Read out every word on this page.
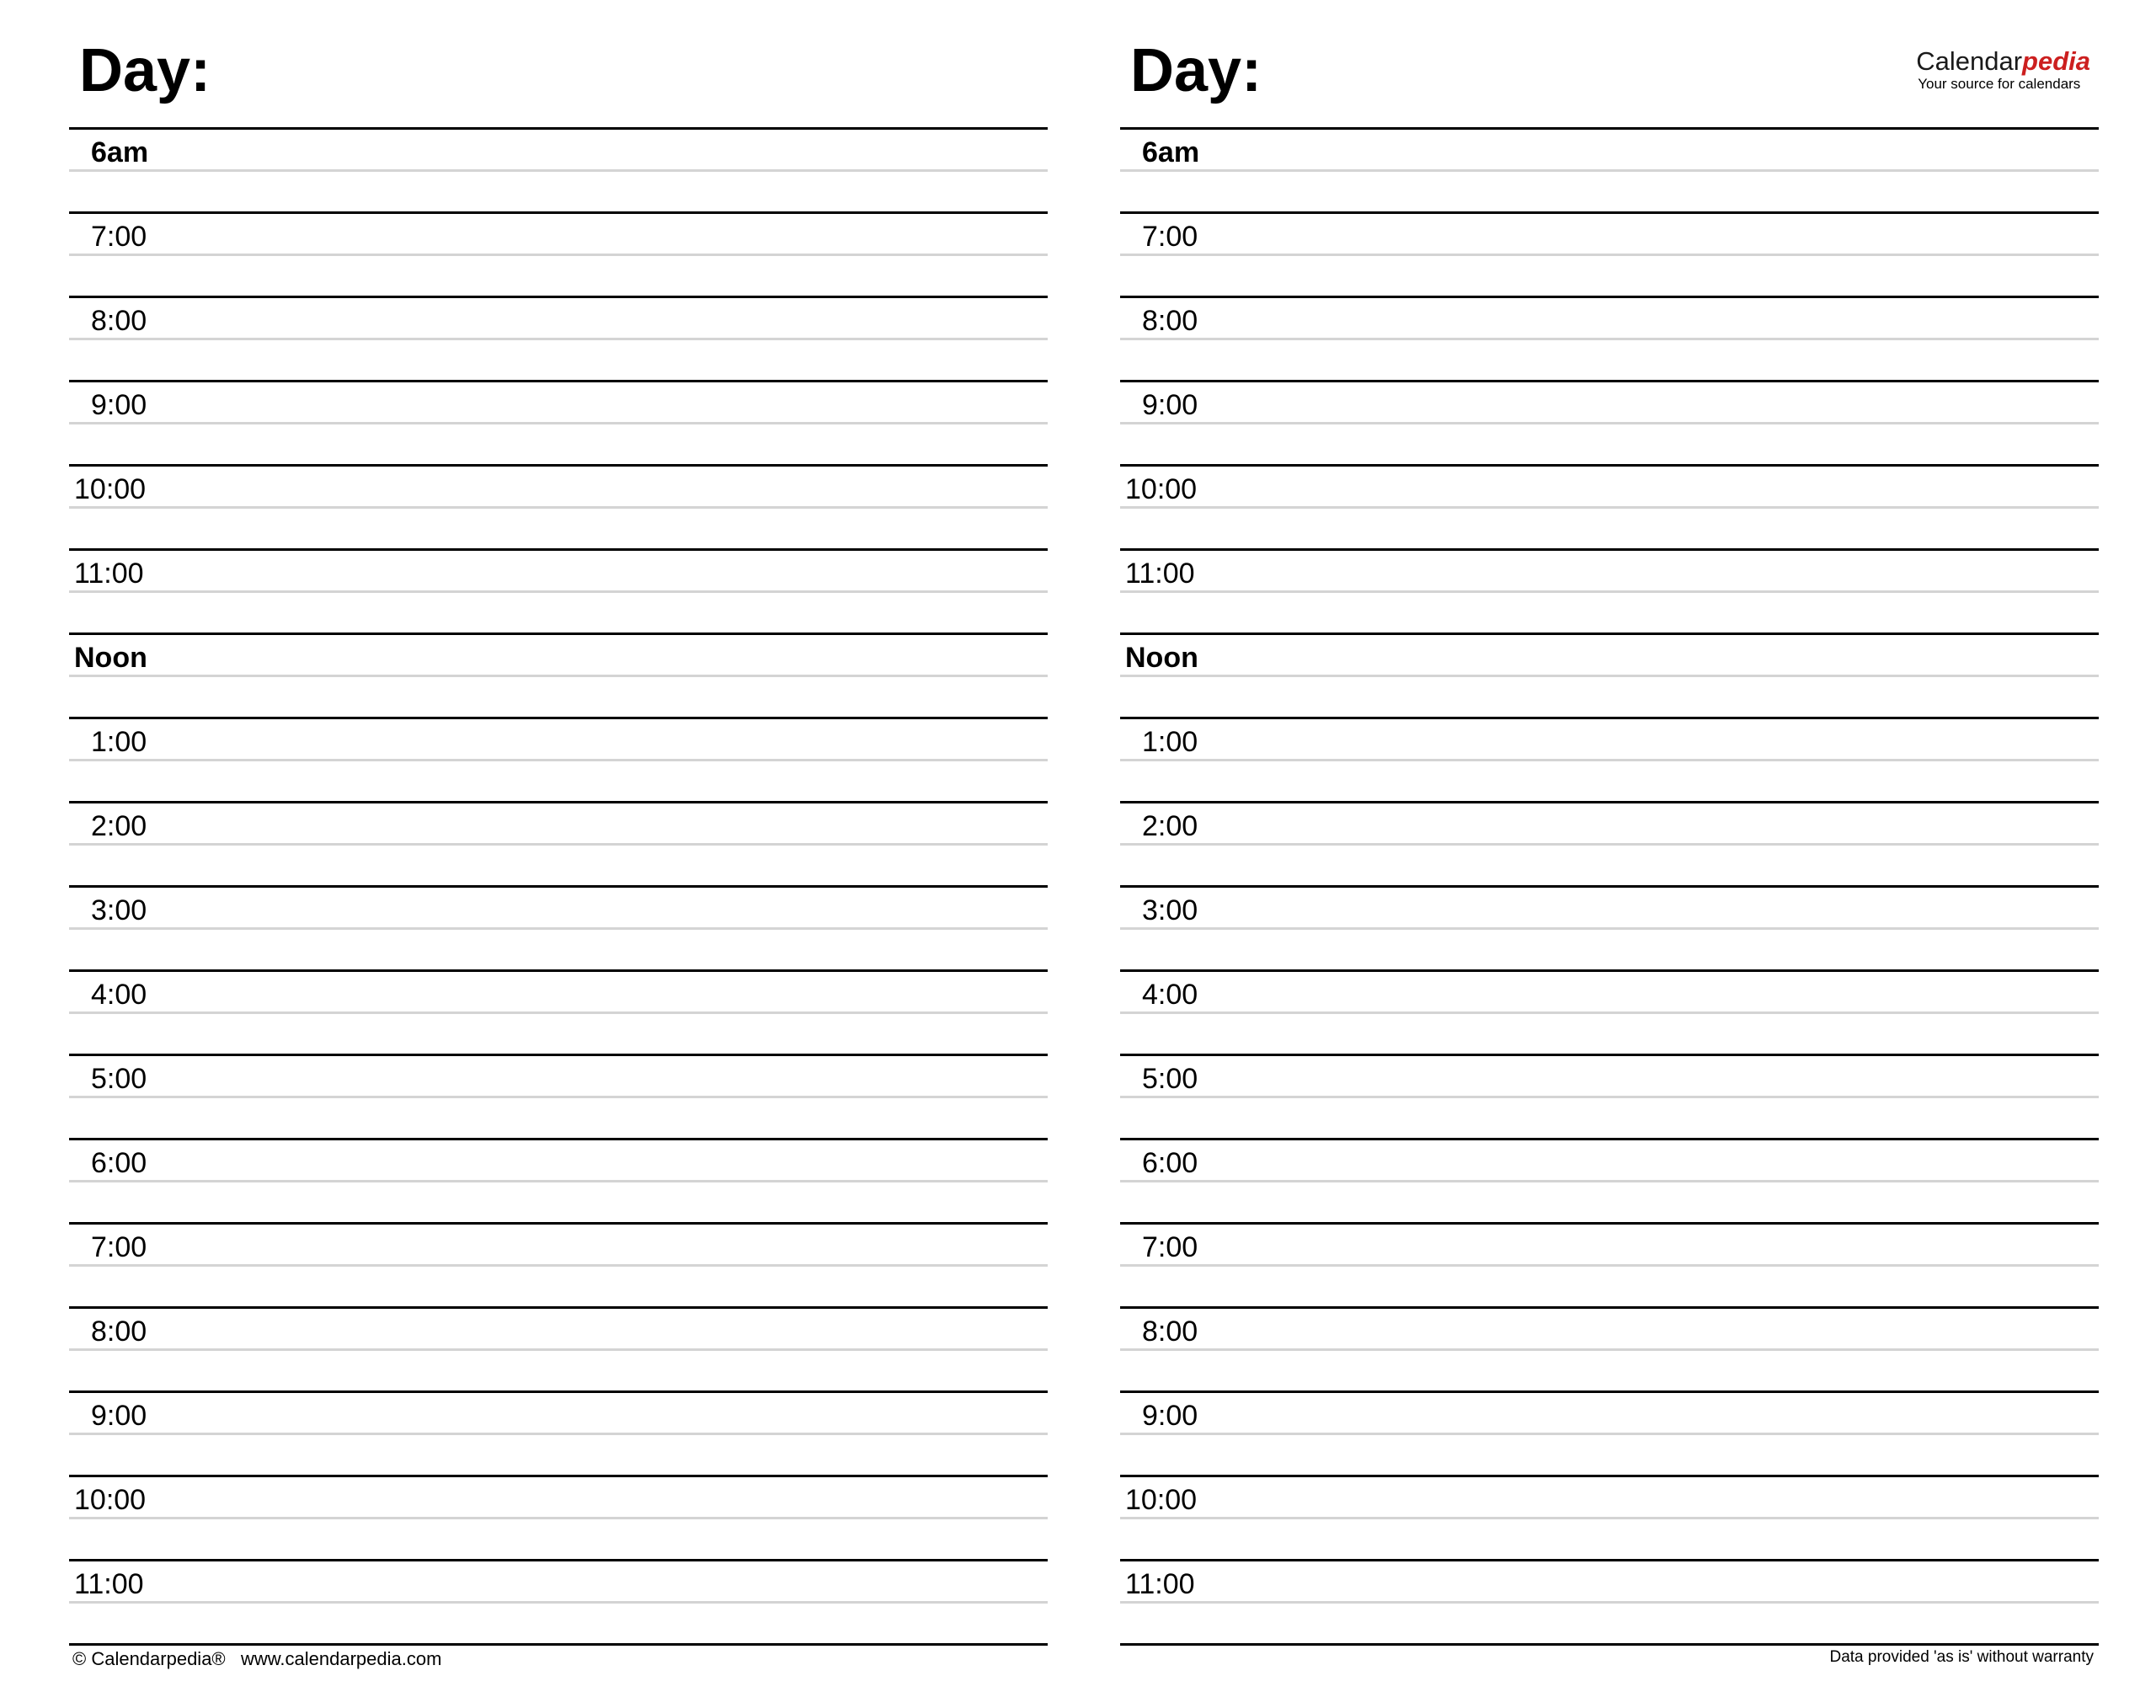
Day:
6am
7:00
8:00
9:00
10:00
11:00
Noon
1:00
2:00
3:00
4:00
5:00
6:00
7:00
8:00
9:00
10:00
11:00
© Calendarpedia®   www.calendarpedia.com
Day:	Calendarpedia
Your source for calendars
6am
7:00
8:00
9:00
10:00
11:00
Noon
1:00
2:00
3:00
4:00
5:00
6:00
7:00
8:00
9:00
10:00
11:00
Data provided 'as is' without warranty
